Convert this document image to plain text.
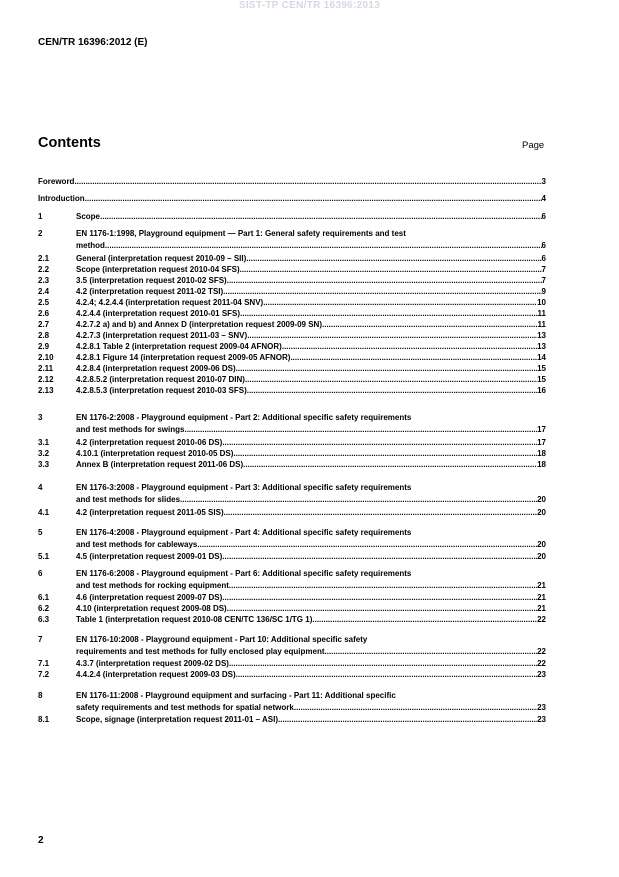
SIST-TP CEN/TR 16396:2013
CEN/TR 16396:2012 (E)
Contents	Page
Foreword .....	3
Introduction .....	4
1	Scope .....	6
2	EN 1176-1:1998, Playground equipment — Part 1: General safety requirements and test
method .....	6
2.1	General (interpretation request 2010-09 – SII) .....	6
2.2	Scope (interpretation request 2010-04 SFS) .....	7
2.3	3.5 (interpretation request 2010-02 SFS) .....	7
2.4	4.2 (interpretation request 2011-02 TSI) .....	9
2.5	4.2.4; 4.2.4.4 (interpretation request 2011-04 SNV) .....	10
2.6	4.2.4.4 (interpretation request 2010-01 SFS) .....	11
2.7	4.2.7.2 a) and b) and Annex D (interpretation request 2009-09 SN) .....	11
2.8	4.2.7.3 (interpretation request 2011-03 – SNV) .....	13
2.9	4.2.8.1 Table 2 (interpretation request 2009-04 AFNOR) .....	13
2.10	4.2.8.1 Figure 14 (interpretation request 2009-05 AFNOR) .....	14
2.11	4.2.8.4 (interpretation request 2009-06 DS) .....	15
2.12	4.2.8.5.2 (interpretation request 2010-07 DIN) .....	15
2.13	4.2.8.5.3 (interpretation request 2010-03 SFS) .....	16
3	EN 1176-2:2008 - Playground equipment - Part 2: Additional specific safety requirements
and test methods for swings .....	17
3.1	4.2 (interpretation request 2010-06 DS) .....	17
3.2	4.10.1 (interpretation request 2010-05 DS) .....	18
3.3	Annex B (interpretation request 2011-06 DS) .....	18
4	EN 1176-3:2008 - Playground equipment - Part 3: Additional specific safety requirements
and test methods for slides .....	20
4.1	4.2 (interpretation request 2011-05 SIS) .....	20
5	EN 1176-4:2008 - Playground equipment - Part 4: Additional specific safety requirements
and test methods for cableways .....	20
5.1	4.5 (interpretation request 2009-01 DS) .....	20
6	EN 1176-6:2008 - Playground equipment - Part 6: Additional specific safety requirements
and test methods for rocking equipment .....	21
6.1	4.6 (interpretation request 2009-07 DS) .....	21
6.2	4.10 (interpretation request 2009-08 DS) .....	21
6.3	Table 1 (interpretation request 2010-08 CEN/TC 136/SC 1/TG 1) .....	22
7	EN 1176-10:2008 - Playground equipment - Part 10: Additional specific safety
requirements and test methods for fully enclosed play equipment .....	22
7.1	4.3.7 (interpretation request 2009-02 DS) .....	22
7.2	4.4.2.4 (interpretation request 2009-03 DS) .....	23
8	EN 1176-11:2008 - Playground equipment and surfacing - Part 11: Additional specific
safety requirements and test methods for spatial network .....	23
8.1	Scope, signage (interpretation request 2011-01 – ASI) .....	23
2
